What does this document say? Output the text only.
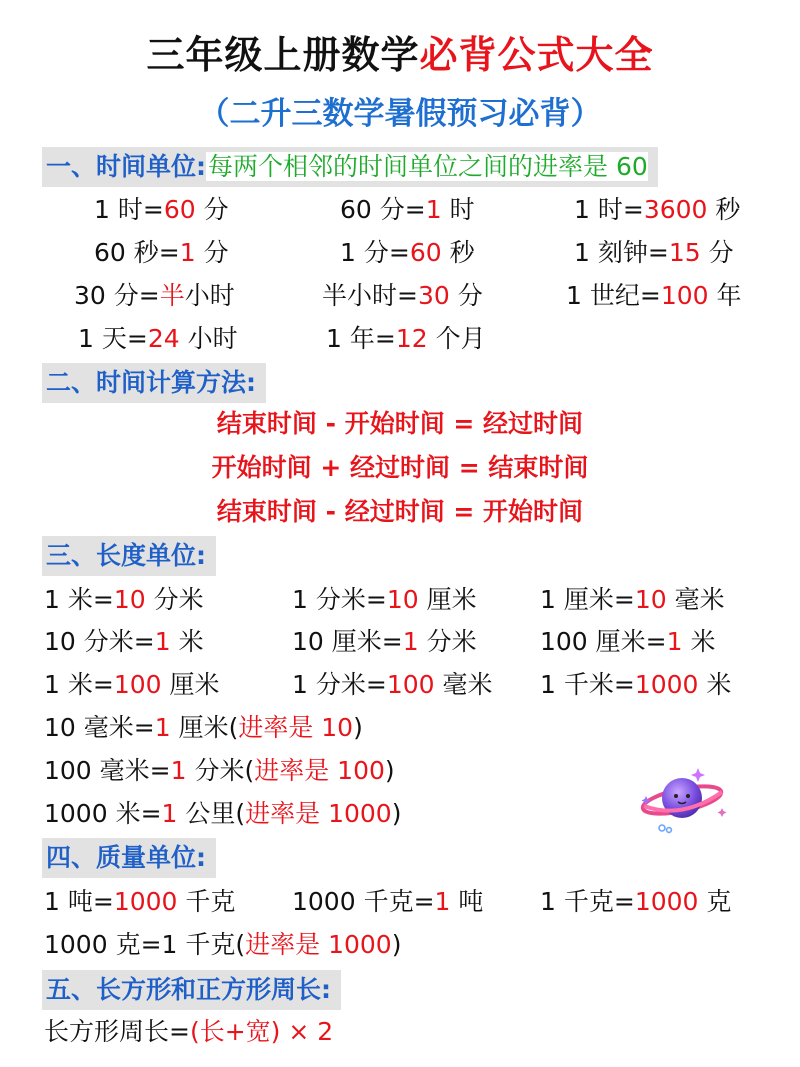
三年级上册数学必背公式大全
（二升三数学暑假预习必背）
一、时间单位:每两个相邻的时间单位之间的进率是 60
1 时=60 分	60 分=1 时	1 时=3600 秒
60 秒=1 分	1 分=60 秒	1 刻钟=15 分
30 分=半小时	半小时=30 分	1 世纪=100 年
1 天=24 小时	1 年=12 个月
二、时间计算方法:
结束时间 - 开始时间 = 经过时间
开始时间 + 经过时间 = 结束时间
结束时间 - 经过时间 = 开始时间
三、长度单位:
1 米=10 分米	1 分米=10 厘米	1 厘米=10 毫米
10 分米=1 米	10 厘米=1 分米	100 厘米=1 米
1 米=100 厘米	1 分米=100 毫米 1 千米=1000 米
10 毫米=1 厘米(进率是 10)
100 毫米=1 分米(进率是 100)
1000 米=1 公里(进率是 1000)
四、质量单位:
1 吨=1000 千克 1000 千克=1 吨 1 千克=1000 克
1000 克=1 千克(进率是 1000)
五、长方形和正方形周长:
长方形周长=(长+宽) × 2
